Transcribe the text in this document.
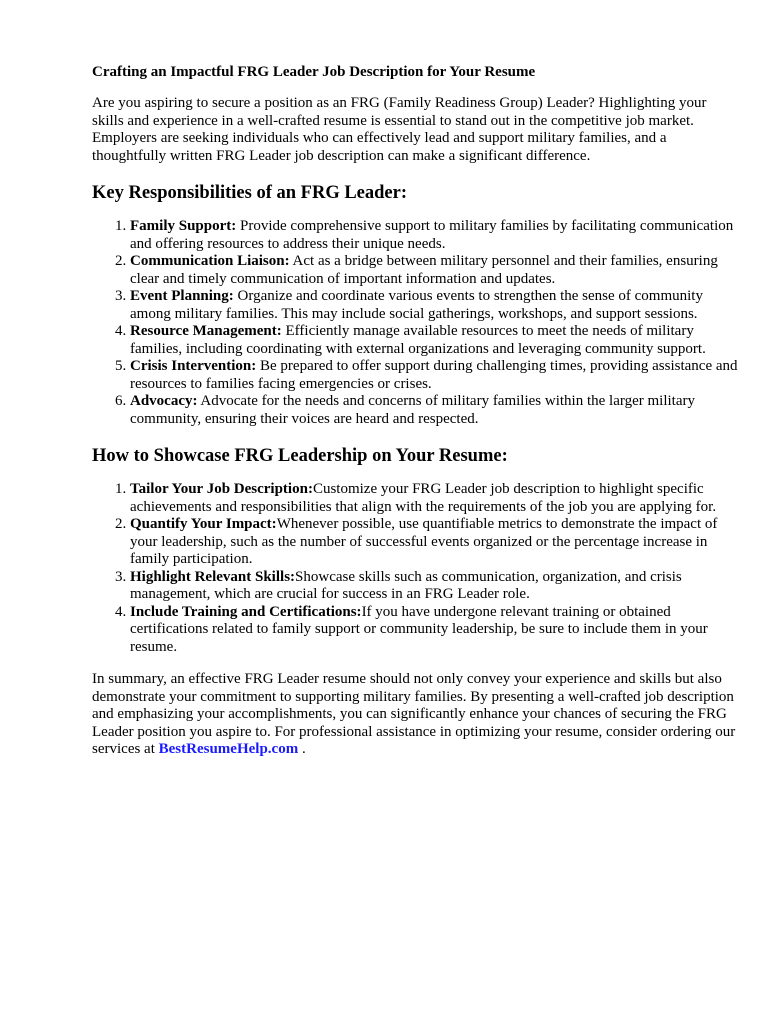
Crafting an Impactful FRG Leader Job Description for Your Resume

Are you aspiring to secure a position as an FRG (Family Readiness Group) Leader? Highlighting your skills and experience in a well-crafted resume is essential to stand out in the competitive job market. Employers are seeking individuals who can effectively lead and support military families, and a thoughtfully written FRG Leader job description can make a significant difference.

Key Responsibilities of an FRG Leader:
1. Family Support: Provide comprehensive support to military families by facilitating communication and offering resources to address their unique needs.
2. Communication Liaison: Act as a bridge between military personnel and their families, ensuring clear and timely communication of important information and updates.
3. Event Planning: Organize and coordinate various events to strengthen the sense of community among military families. This may include social gatherings, workshops, and support sessions.
4. Resource Management: Efficiently manage available resources to meet the needs of military families, including coordinating with external organizations and leveraging community support.
5. Crisis Intervention: Be prepared to offer support during challenging times, providing assistance and resources to families facing emergencies or crises.
6. Advocacy: Advocate for the needs and concerns of military families within the larger military community, ensuring their voices are heard and respected.
How to Showcase FRG Leadership on Your Resume:
1. Tailor Your Job Description:Customize your FRG Leader job description to highlight specific achievements and responsibilities that align with the requirements of the job you are applying for.
2. Quantify Your Impact:Whenever possible, use quantifiable metrics to demonstrate the impact of your leadership, such as the number of successful events organized or the percentage increase in family participation.
3. Highlight Relevant Skills:Showcase skills such as communication, organization, and crisis management, which are crucial for success in an FRG Leader role.
4. Include Training and Certifications:If you have undergone relevant training or obtained certifications related to family support or community leadership, be sure to include them in your resume.

In summary, an effective FRG Leader resume should not only convey your experience and skills but also demonstrate your commitment to supporting military families. By presenting a well-crafted job description and emphasizing your accomplishments, you can significantly enhance your chances of securing the FRG Leader position you aspire to. For professional assistance in optimizing your resume, consider ordering our services at BestResumeHelp.com .
